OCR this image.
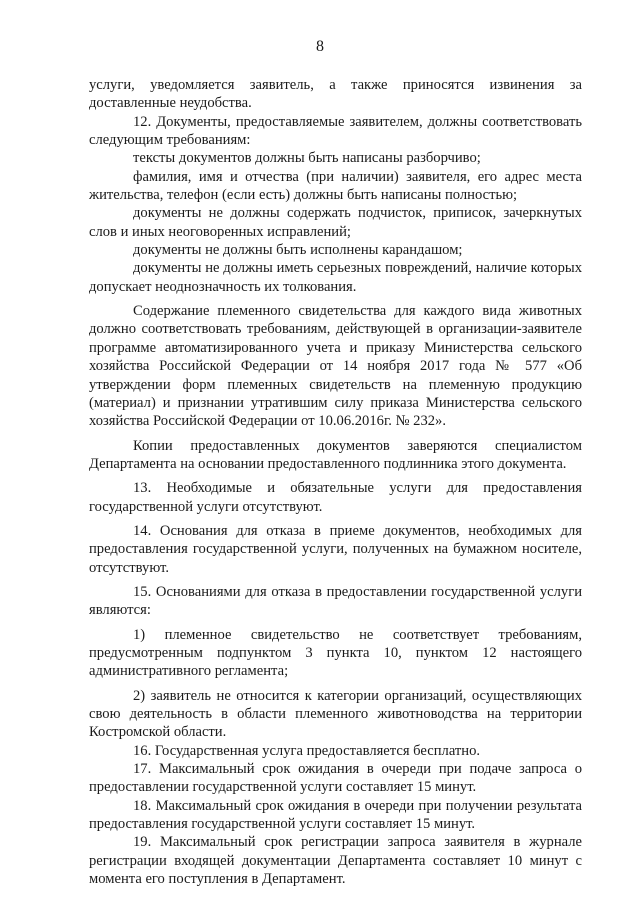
8

услуги, уведомляется заявитель, а также приносятся извинения за доставленные неудобства.

12. Документы, предоставляемые заявителем, должны соответствовать следующим требованиям:

тексты документов должны быть написаны разборчиво;

фамилия, имя и отчества (при наличии) заявителя, его адрес места жительства, телефон (если есть) должны быть написаны полностью;

документы не должны содержать подчисток, приписок, зачеркнутых слов и иных неоговоренных исправлений;

документы не должны быть исполнены карандашом;

документы не должны иметь серьезных повреждений, наличие которых допускает неоднозначность их толкования.

Содержание племенного свидетельства для каждого вида животных должно соответствовать требованиям, действующей в организации-заявителе программе автоматизированного учета и приказу Министерства сельского хозяйства Российской Федерации от 14 ноября 2017 года № 577 «Об утверждении форм племенных свидетельств на племенную продукцию (материал) и признании утратившим силу приказа Министерства сельского хозяйства Российской Федерации от 10.06.2016г. № 232».

Копии предоставленных документов заверяются специалистом Департамента на основании предоставленного подлинника этого документа.

13. Необходимые и обязательные услуги для предоставления государственной услуги отсутствуют.

14. Основания для отказа в приеме документов, необходимых для предоставления государственной услуги, полученных на бумажном носителе, отсутствуют.

15. Основаниями для отказа в предоставлении государственной услуги являются:

1) племенное свидетельство не соответствует требованиям, предусмотренным подпунктом 3 пункта 10, пунктом 12 настоящего административного регламента;

2) заявитель не относится к категории организаций, осуществляющих свою деятельность в области племенного животноводства на территории Костромской области.

16. Государственная услуга предоставляется бесплатно.

17. Максимальный срок ожидания в очереди при подаче запроса о предоставлении государственной услуги составляет 15 минут.

18. Максимальный срок ожидания в очереди при получении результата предоставления государственной услуги составляет 15 минут.

19. Максимальный срок регистрации запроса заявителя в журнале регистрации входящей документации Департамента составляет 10 минут с момента его поступления в Департамент.
